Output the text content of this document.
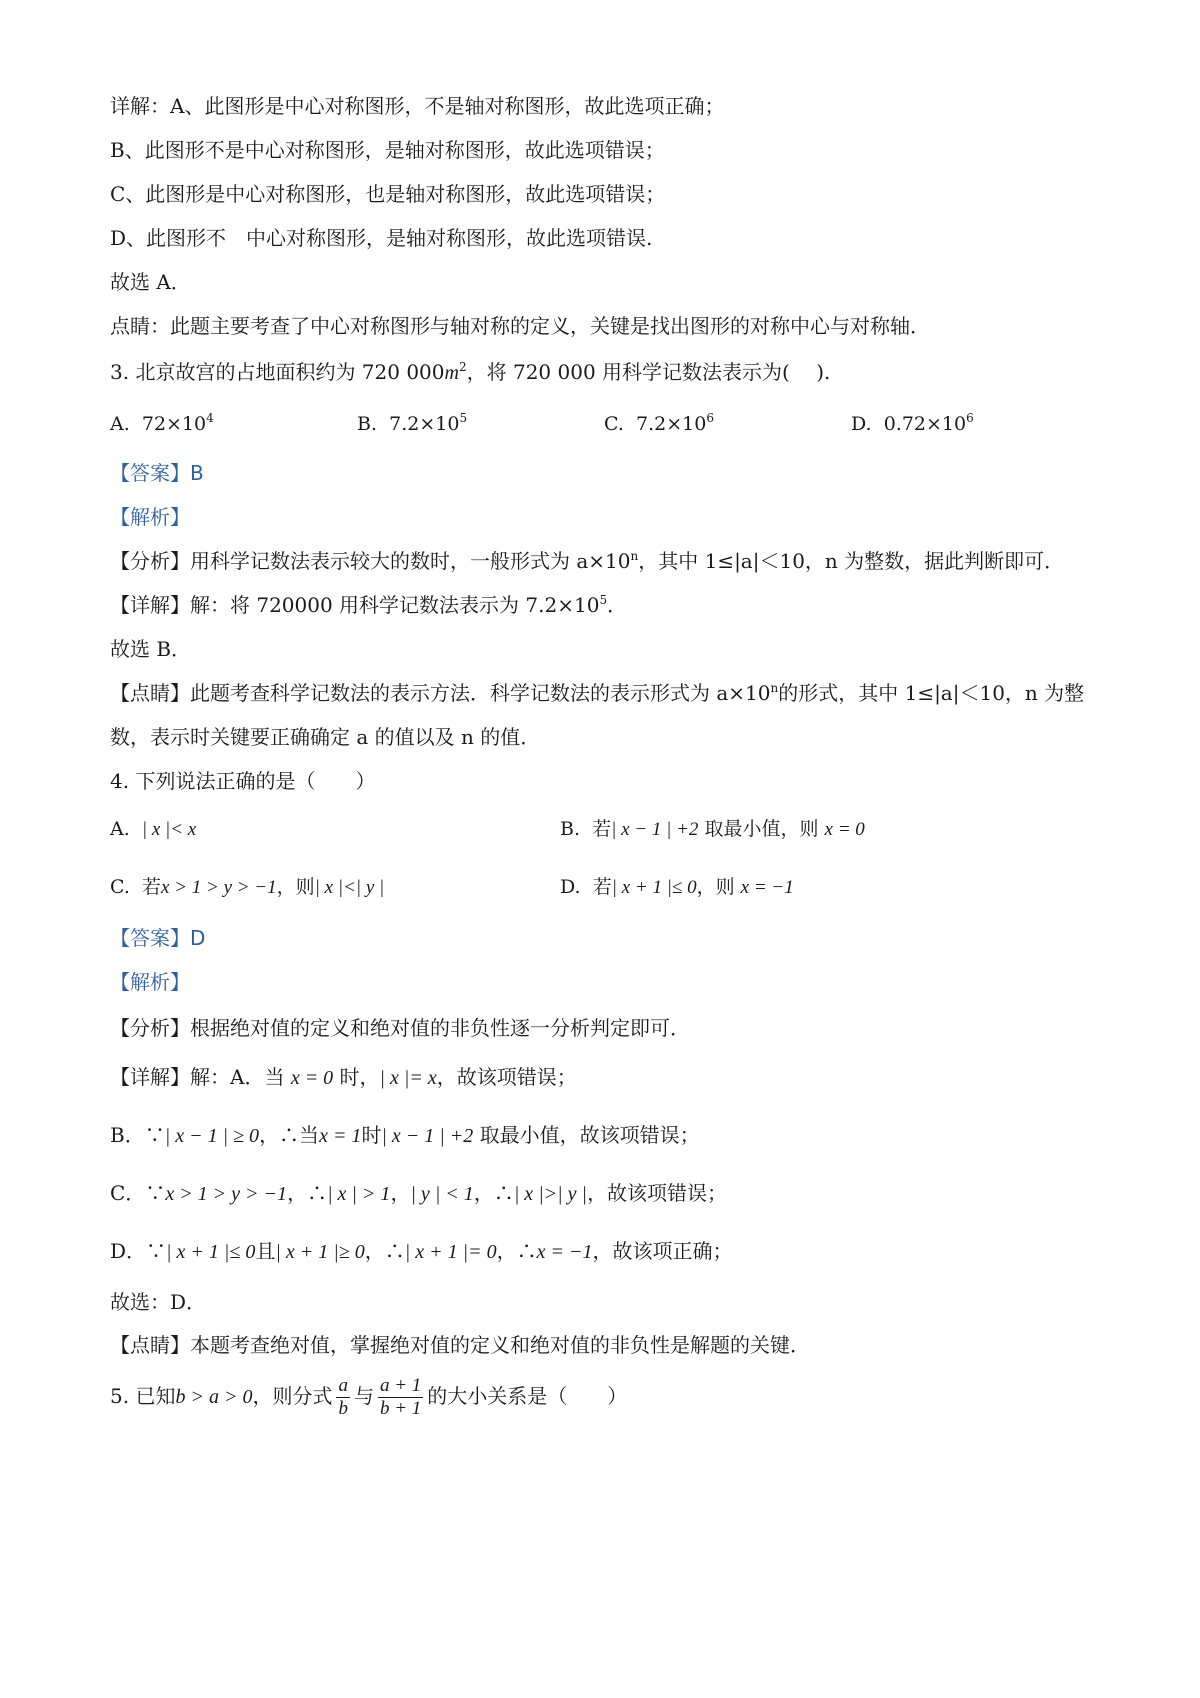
详解：A、此图形是中心对称图形，不是轴对称图形，故此选项正确；
B、此图形不是中心对称图形，是轴对称图形，故此选项错误；
C、此图形是中心对称图形，也是轴对称图形，故此选项错误；
D、此图形不　中心对称图形，是轴对称图形，故此选项错误.
故选 A．
点睛：此题主要考查了中心对称图形与轴对称的定义，关键是找出图形的对称中心与对称轴．
3. 北京故宫的占地面积约为 720 $000m^2$，将 720 000 用科学记数法表示为(　 ).
A. $72\times 10^4$	B. $7.2\times 10^5$	C. $7.2\times 10^6$	D. $0.72\times 10^6$
【答案】B
【解析】
【分析】用科学记数法表示较大的数时，一般形式为 $a\times 10^n$，其中 1≤|a|＜10，n 为整数，据此判断即可．
【详解】解：将 720000 用科学记数法表示为 $7.2\times 10^5$．
故选 B．
【点睛】此题考查科学记数法的表示方法．科学记数法的表示形式为 $a\times 10^n$的形式，其中 1≤|a|＜10，n 为整
数，表示时关键要正确确定 a 的值以及 n 的值．
4. 下列说法正确的是（　　）
A. | x |< x	B. 若| x − 1 | +2 取最小值，则 x = 0
C. 若x > 1 > y > −1，则| x |<| y |	D. 若| x + 1 |≤ 0，则 x = −1
【答案】D
【解析】
【分析】根据绝对值的定义和绝对值的非负性逐一分析判定即可．
【详解】解：A．当 x = 0 时，| x |= x，故该项错误；
B．∵| x − 1 | ≥ 0，∴当x = 1时| x − 1 | +2 取最小值，故该项错误；
C．∵x > 1 > y > −1，∴| x | > 1，| y | < 1，∴| x |>| y |，故该项错误；
D．∵| x + 1 |≤ 0且| x + 1 |≥ 0，∴| x + 1 |= 0，∴x = −1，故该项正确；
故选：D．
【点睛】本题考查绝对值，掌握绝对值的定义和绝对值的非负性是解题的关键．
5. 已知b > a > 0，则分式 $\frac{a}{b}$ 与 $\frac{a + 1}{b + 1}$ 的大小关系是（　　）
